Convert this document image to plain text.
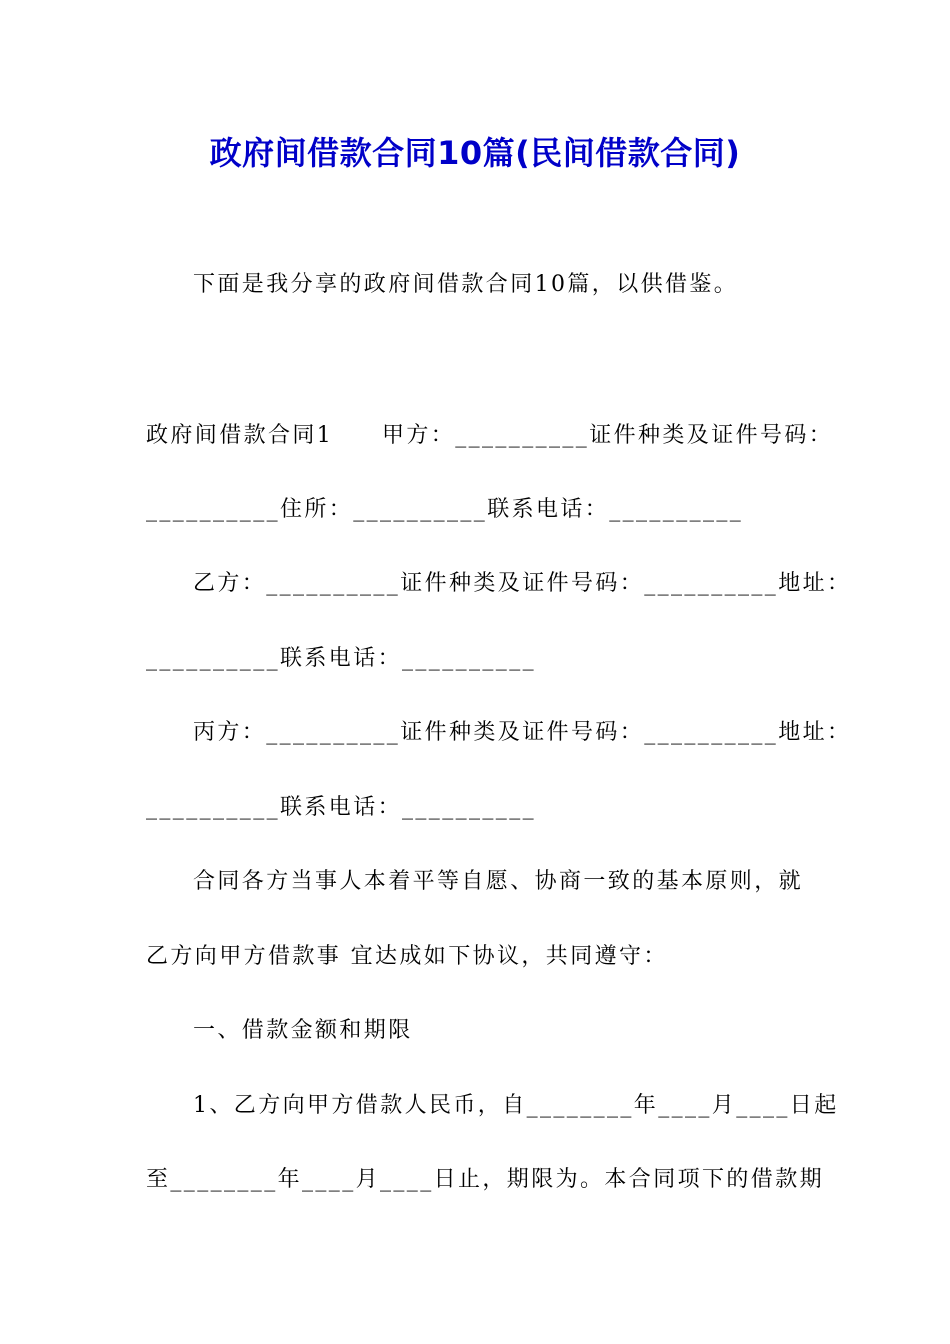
政府间借款合同10篇(民间借款合同)
下面是我分享的政府间借款合同10篇，以供借鉴。
政府间借款合同1　　甲方：__________证件种类及证件号码：
__________住所：__________联系电话：__________
乙方：__________证件种类及证件号码：__________地址：
__________联系电话：__________
丙方：__________证件种类及证件号码：__________地址：
__________联系电话：__________
合同各方当事人本着平等自愿、协商一致的基本原则，就
乙方向甲方借款事 宜达成如下协议，共同遵守：
一、借款金额和期限
1、乙方向甲方借款人民币，自________年____月____日起
至________年____月____日止，期限为。本合同项下的借款期
